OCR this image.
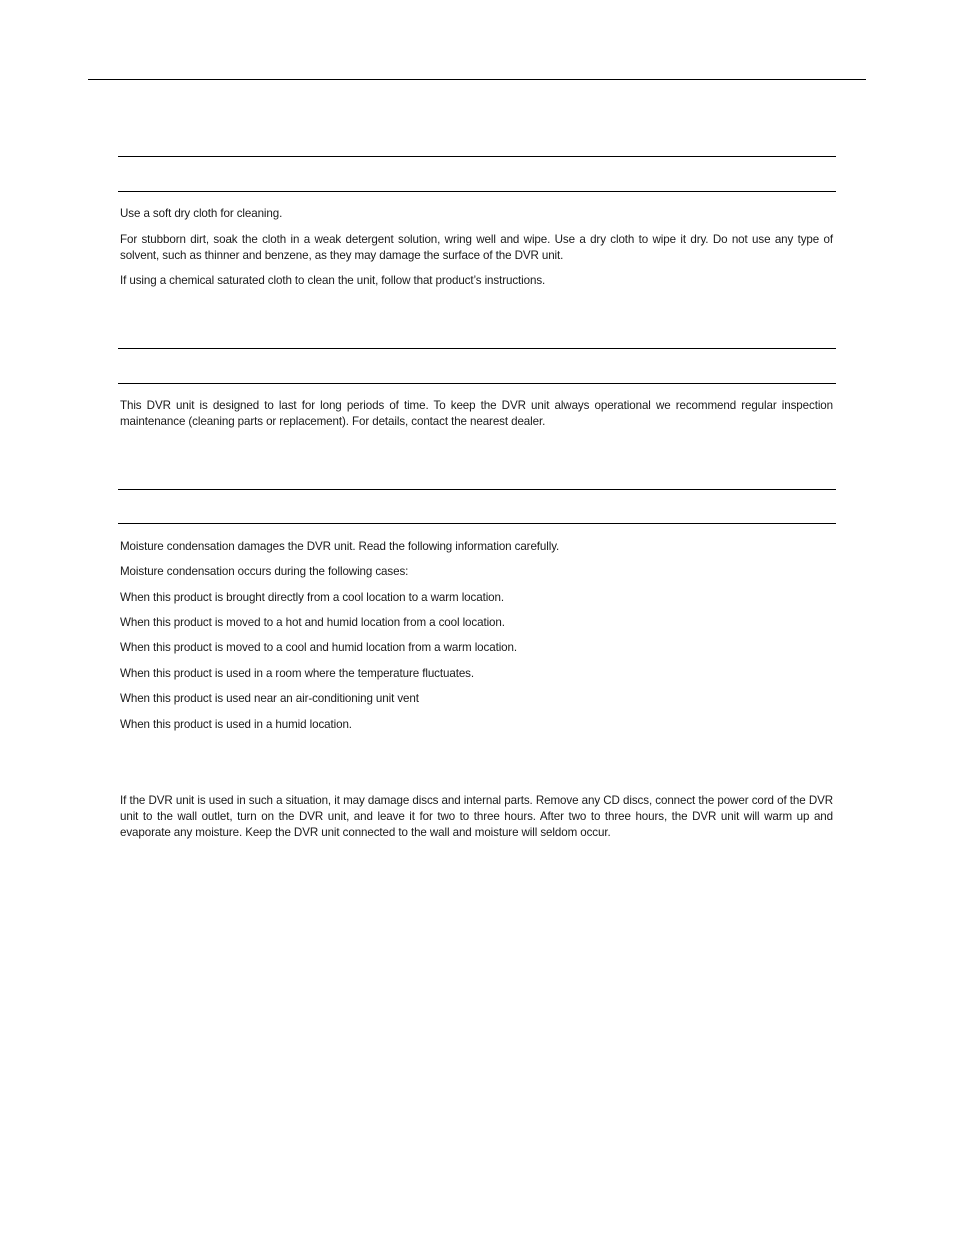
Use a soft dry cloth for cleaning.

For stubborn dirt, soak the cloth in a weak detergent solution, wring well and wipe. Use a dry cloth to wipe it dry. Do not use any type of solvent, such as thinner and benzene, as they may damage the surface of the DVR unit.

If using a chemical saturated cloth to clean the unit, follow that product’s instructions.

This DVR unit is designed to last for long periods of time. To keep the DVR unit always operational we recommend regular inspection maintenance (cleaning parts or replacement). For details, contact the nearest dealer.

Moisture condensation damages the DVR unit. Read the following information carefully.

Moisture condensation occurs during the following cases:

When this product is brought directly from a cool location to a warm location.

When this product is moved to a hot and humid location from a cool location.

When this product is moved to a cool and humid location from a warm location.

When this product is used in a room where the temperature fluctuates.

When this product is used near an air-conditioning unit vent

When this product is used in a humid location.

If the DVR unit is used in such a situation, it may damage discs and internal parts. Remove any CD discs, connect the power cord of the DVR unit to the wall outlet, turn on the DVR unit, and leave it for two to three hours. After two to three hours, the DVR unit will warm up and evaporate any moisture. Keep the DVR unit connected to the wall and moisture will seldom occur.
